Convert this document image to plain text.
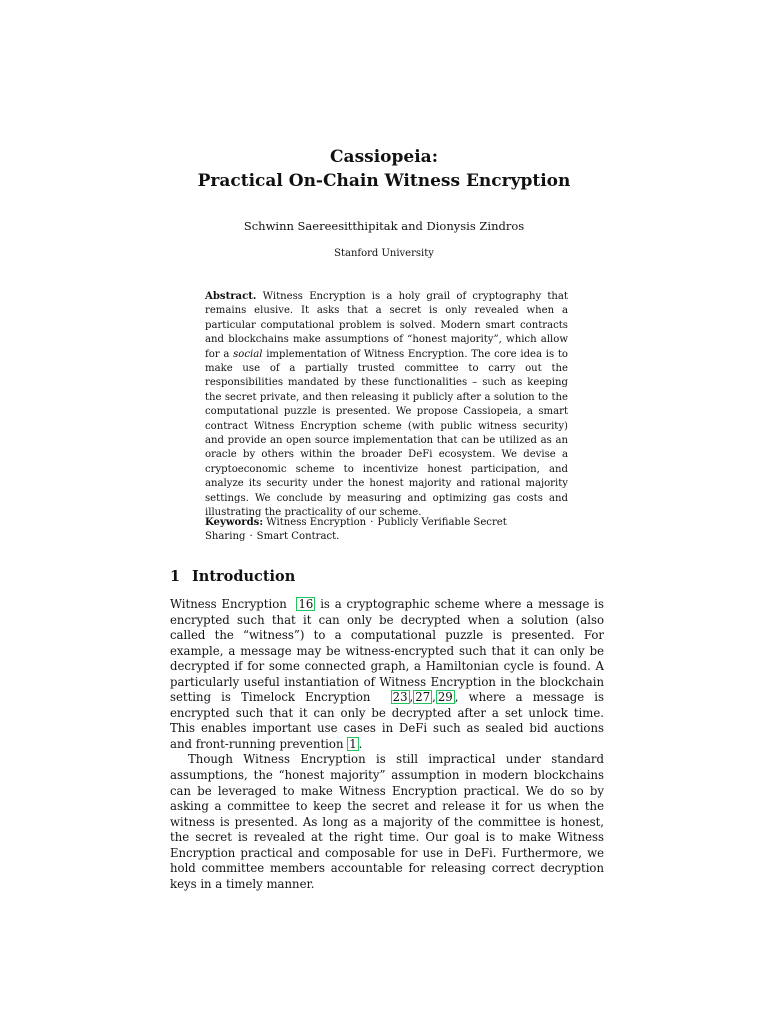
Cassiopeia:
Practical On-Chain Witness Encryption
Schwinn Saereesitthipitak and Dionysis Zindros
Stanford University
Abstract. Witness Encryption is a holy grail of cryptography that remains elusive. It asks that a secret is only revealed when a particular computational problem is solved. Modern smart contracts and blockchains make assumptions of “honest majority”, which allow for a social implementation of Witness Encryption. The core idea is to make use of a partially trusted committee to carry out the responsibilities mandated by these functionalities – such as keeping the secret private, and then releasing it publicly after a solution to the computational puzzle is presented. We propose Cassiopeia, a smart contract Witness Encryption scheme (with public witness security) and provide an open source implementation that can be utilized as an oracle by others within the broader DeFi ecosystem. We devise a cryptoeconomic scheme to incentivize honest participation, and analyze its security under the honest majority and rational majority settings. We conclude by measuring and optimizing gas costs and illustrating the practicality of our scheme.
Keywords: Witness Encryption · Publicly Verifiable Secret Sharing · Smart Contract.
1 Introduction

Witness Encryption 16 is a cryptographic scheme where a message is encrypted such that it can only be decrypted when a solution (also called the “witness”) to a computational puzzle is presented. For example, a message may be witness-encrypted such that it can only be decrypted if for some connected graph, a Hamiltonian cycle is found. A particularly useful instantiation of Witness Encryption in the blockchain setting is Timelock Encryption 23 , 27 , 29 , where a message is encrypted such that it can only be decrypted after a set unlock time. This enables important use cases in DeFi such as sealed bid auctions and front-running prevention 1 .

Though Witness Encryption is still impractical under standard assumptions, the “honest majority” assumption in modern blockchains can be leveraged to make Witness Encryption practical. We do so by asking a committee to keep the secret and release it for us when the witness is presented. As long as a majority of the committee is honest, the secret is revealed at the right time. Our goal is to make Witness Encryption practical and composable for use in DeFi. Furthermore, we hold committee members accountable for releasing correct decryption keys in a timely manner.
